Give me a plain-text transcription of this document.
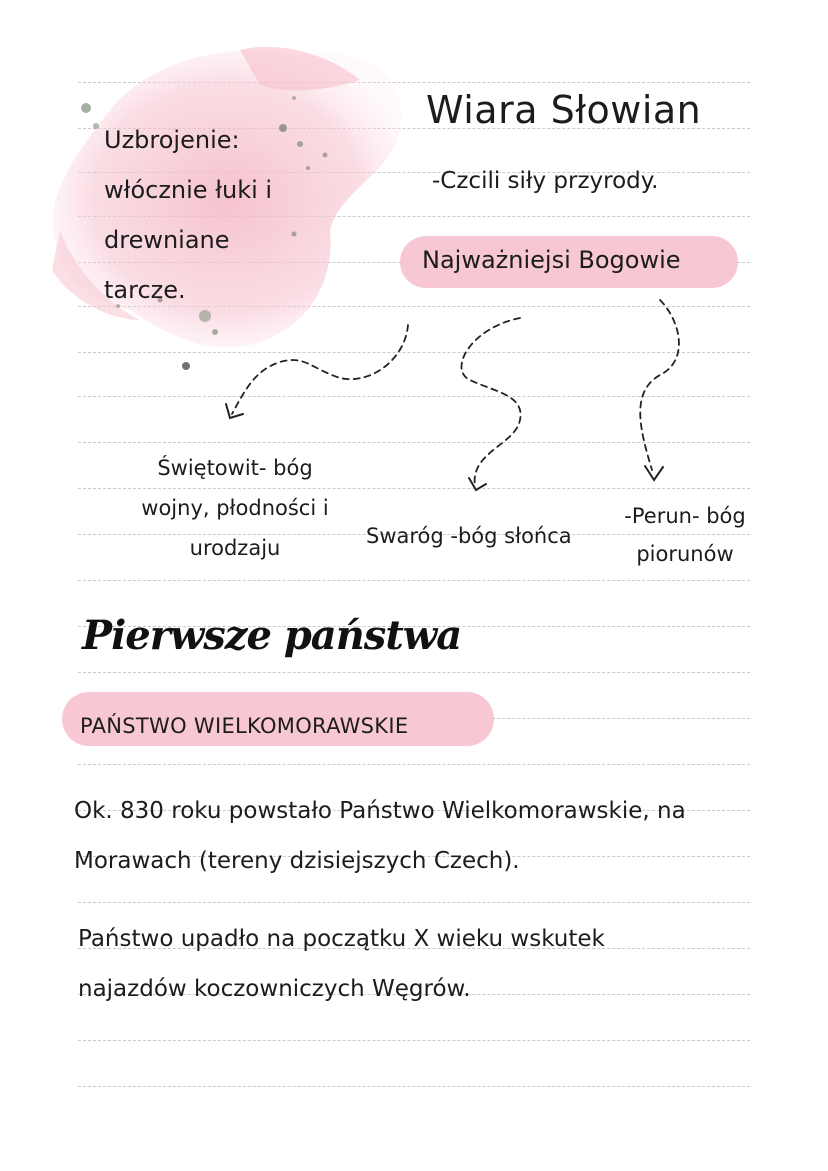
Uzbrojenie:
włócznie łuki i
drewniane
tarcze.
Wiara Słowian
-Czcili siły przyrody.
Najważniejsi Bogowie
Świętowit- bóg
wojny, płodności i
urodzaju	Swaróg -bóg słońca
-Perun- bóg
piorunów
Pierwsze państwa
PAŃSTWO WIELKOMORAWSKIE
Ok. 830 roku powstało Państwo Wielkomorawskie, na
Morawach (tereny dzisiejszych Czech).
Państwo upadło na początku X wieku wskutek
najazdów koczowniczych Węgrów.
